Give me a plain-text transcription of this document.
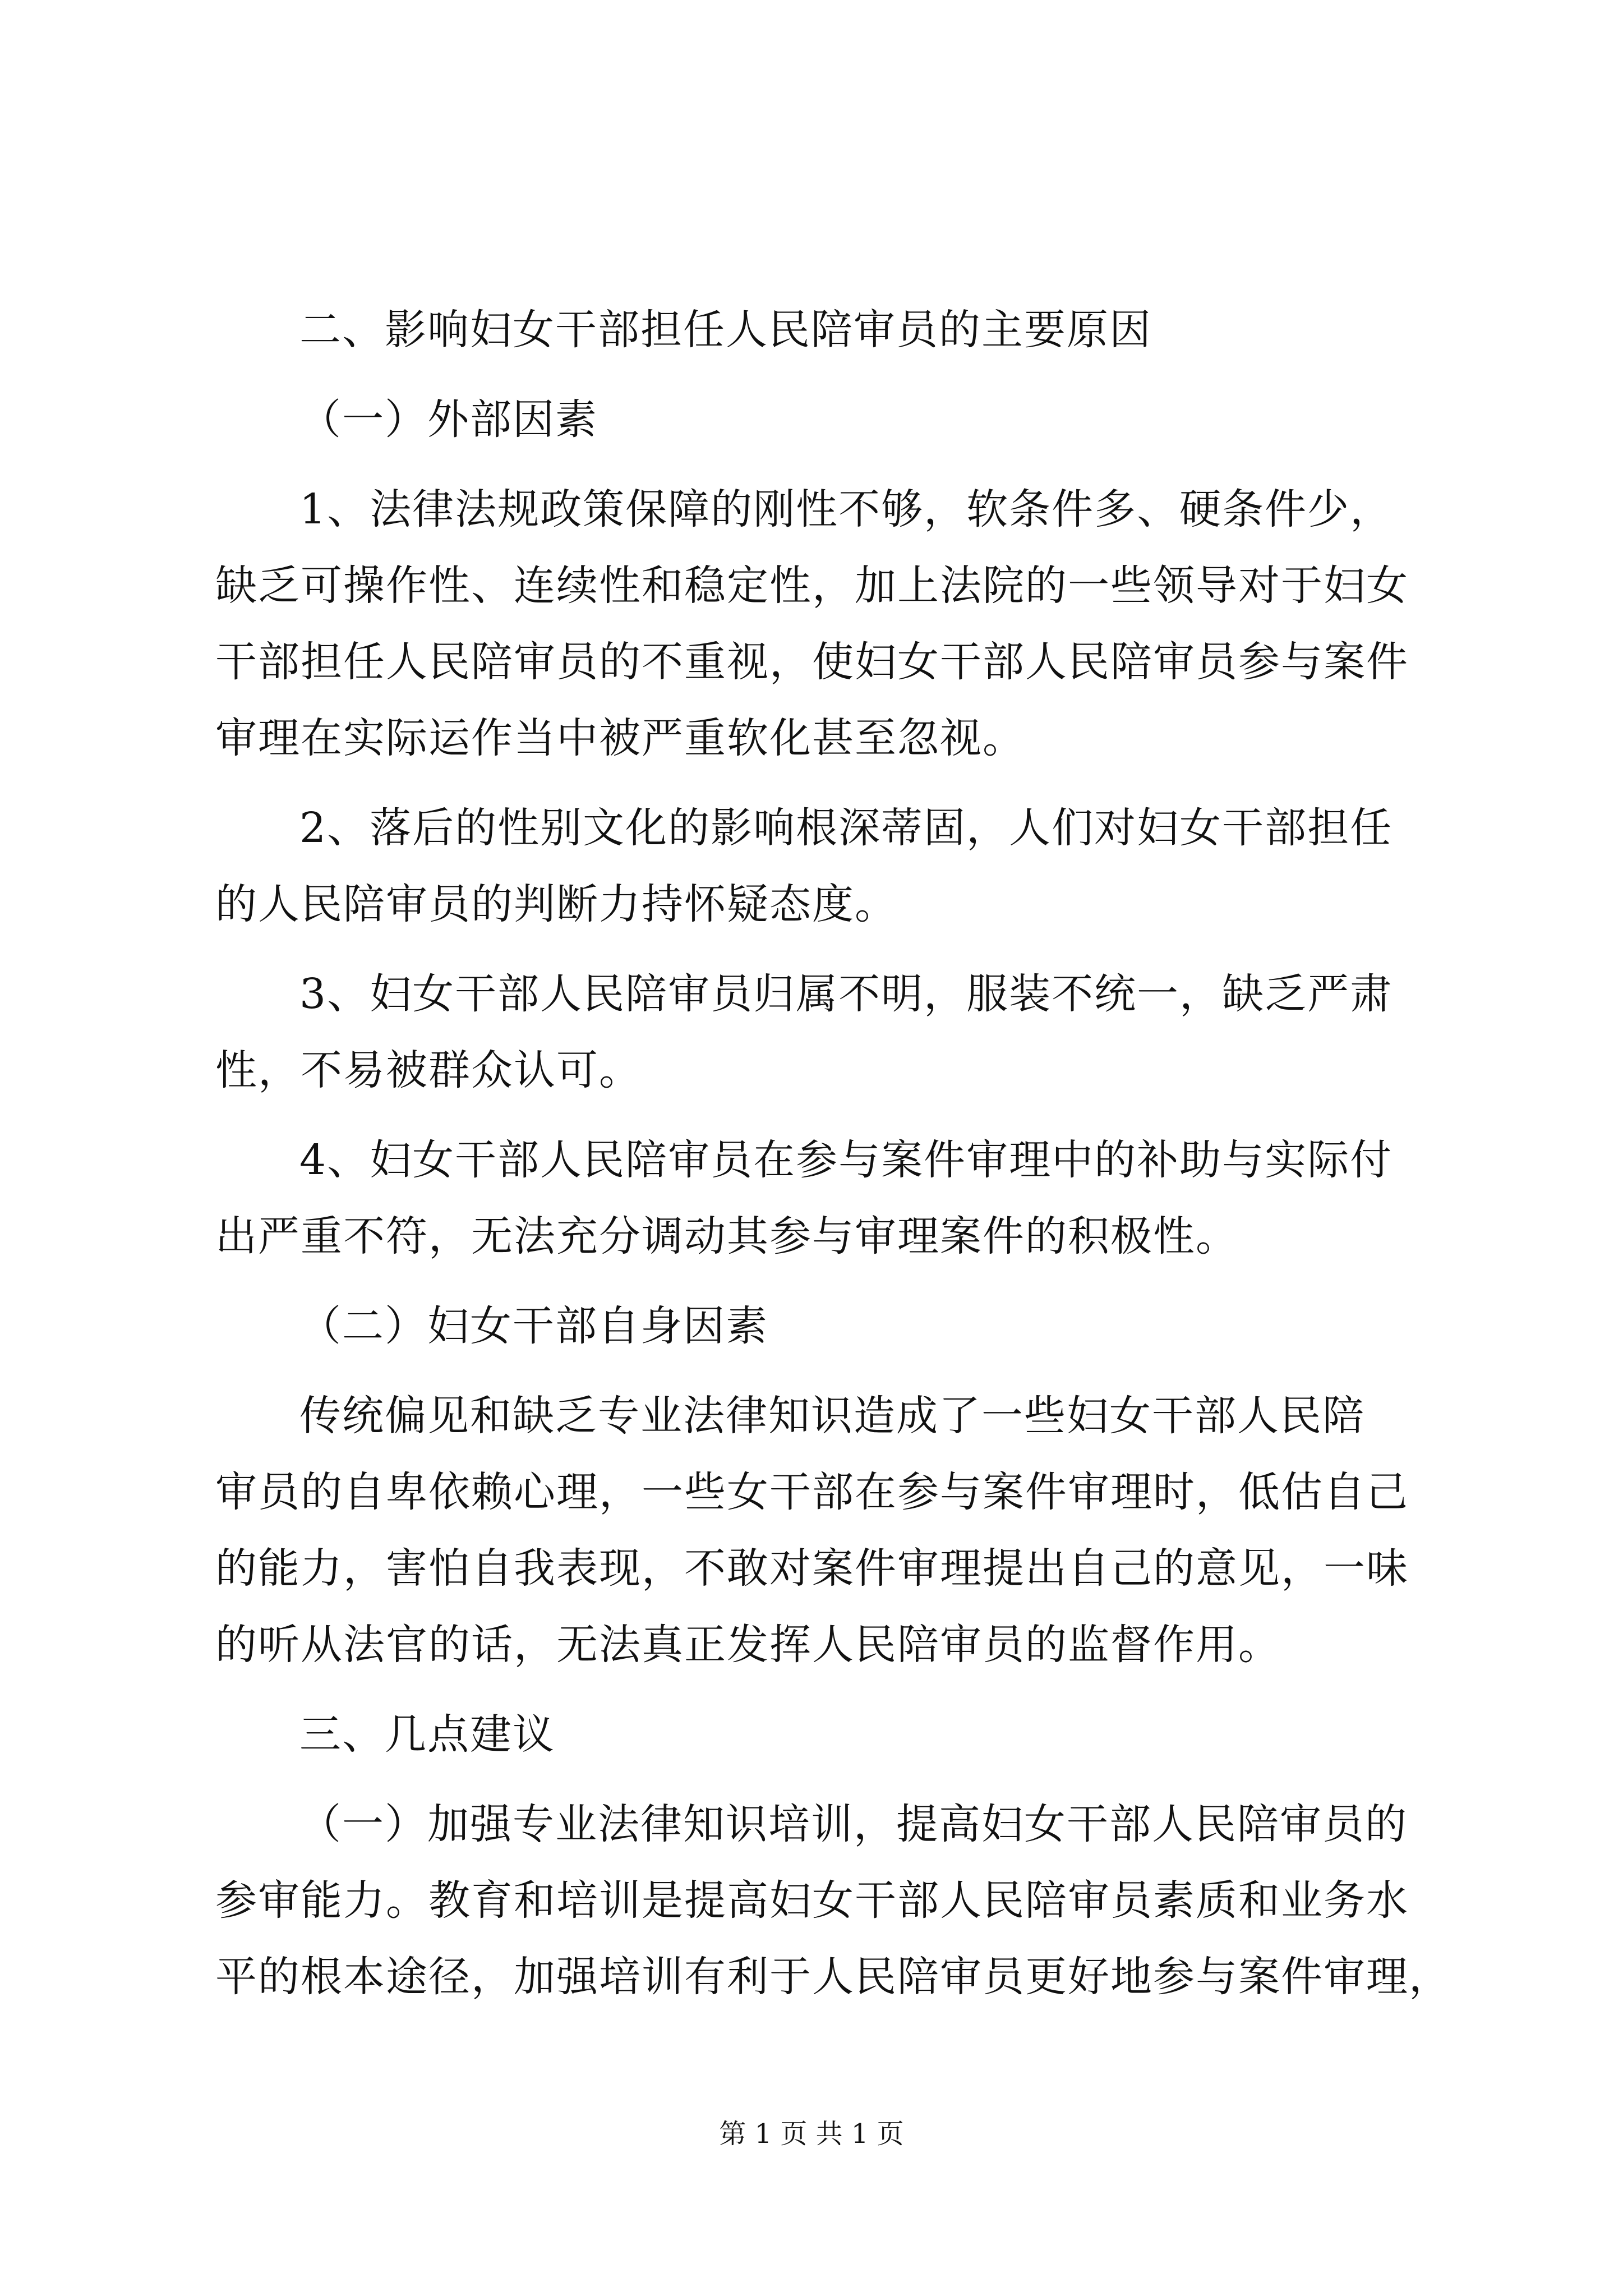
二、影响妇女干部担任人民陪审员的主要原因
（一）外部因素
1、法律法规政策保障的刚性不够，软条件多、硬条件少，
缺乏可操作性、连续性和稳定性，加上法院的一些领导对于妇女
干部担任人民陪审员的不重视，使妇女干部人民陪审员参与案件
审理在实际运作当中被严重软化甚至忽视。
2、落后的性别文化的影响根深蒂固，人们对妇女干部担任
的人民陪审员的判断力持怀疑态度。
3、妇女干部人民陪审员归属不明，服装不统一，缺乏严肃
性，不易被群众认可。
4、妇女干部人民陪审员在参与案件审理中的补助与实际付
出严重不符，无法充分调动其参与审理案件的积极性。
（二）妇女干部自身因素
传统偏见和缺乏专业法律知识造成了一些妇女干部人民陪
审员的自卑依赖心理，一些女干部在参与案件审理时，低估自己
的能力，害怕自我表现，不敢对案件审理提出自己的意见，一味
的听从法官的话，无法真正发挥人民陪审员的监督作用。
三、几点建议
（一）加强专业法律知识培训，提高妇女干部人民陪审员的
参审能力。教育和培训是提高妇女干部人民陪审员素质和业务水
平的根本途径，加强培训有利于人民陪审员更好地参与案件审理，
第 1 页 共 1 页
